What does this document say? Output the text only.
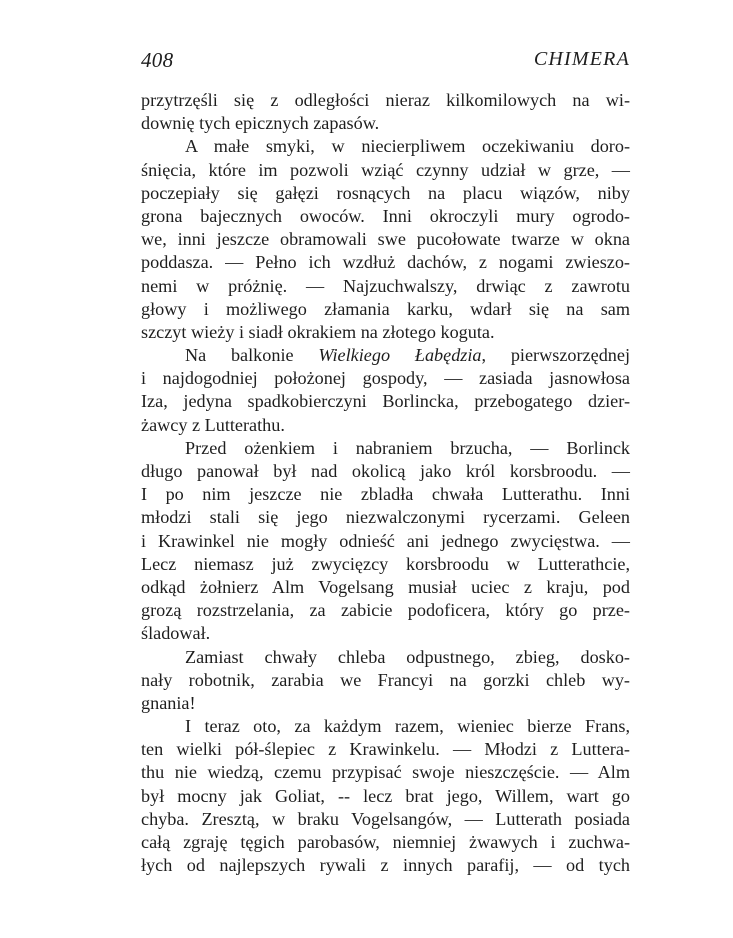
408	CHIMERA
przytrzęśli się z odległości nieraz kilkomilowych na wi-
downię tych epicznych zapasów.
A małe smyki, w niecierpliwem oczekiwaniu doro-
śnięcia, które im pozwoli wziąć czynny udział w grze, —
poczepiały się gałęzi rosnących na placu wiązów, niby
grona bajecznych owoców. Inni okroczyli mury ogrodo-
we, inni jeszcze obramowali swe pucołowate twarze w okna
poddasza. — Pełno ich wzdłuż dachów, z nogami zwieszo-
nemi w próżnię. — Najzuchwalszy, drwiąc z zawrotu
głowy i możliwego złamania karku, wdarł się na sam
szczyt wieży i siadł okrakiem na złotego koguta.
Na balkonie Wielkiego Łabędzia, pierwszorzędnej
i najdogodniej położonej gospody, — zasiada jasnowłosa
Iza, jedyna spadkobierczyni Borlincka, przebogatego dzier-
żawcy z Lutterathu.
Przed ożenkiem i nabraniem brzucha, — Borlinck
długo panował był nad okolicą jako król korsbroodu. —
I po nim jeszcze nie zbladła chwała Lutterathu. Inni
młodzi stali się jego niezwalczonymi rycerzami. Geleen
i Krawinkel nie mogły odnieść ani jednego zwycięstwa. —
Lecz niemasz już zwycięzcy korsbroodu w Lutterathcie,
odkąd żołnierz Alm Vogelsang musiał uciec z kraju, pod
grozą rozstrzelania, za zabicie podoficera, który go prze-
śladował.
Zamiast chwały chleba odpustnego, zbieg, dosko-
nały robotnik, zarabia we Francyi na gorzki chleb wy-
gnania!
I teraz oto, za każdym razem, wieniec bierze Frans,
ten wielki pół-ślepiec z Krawinkelu. — Młodzi z Luttera-
thu nie wiedzą, czemu przypisać swoje nieszczęście. — Alm
był mocny jak Goliat, -- lecz brat jego, Willem, wart go
chyba. Zresztą, w braku Vogelsangów, — Lutterath posiada
całą zgraję tęgich parobasów, niemniej żwawych i zuchwa-
łych od najlepszych rywali z innych parafij, — od tych
